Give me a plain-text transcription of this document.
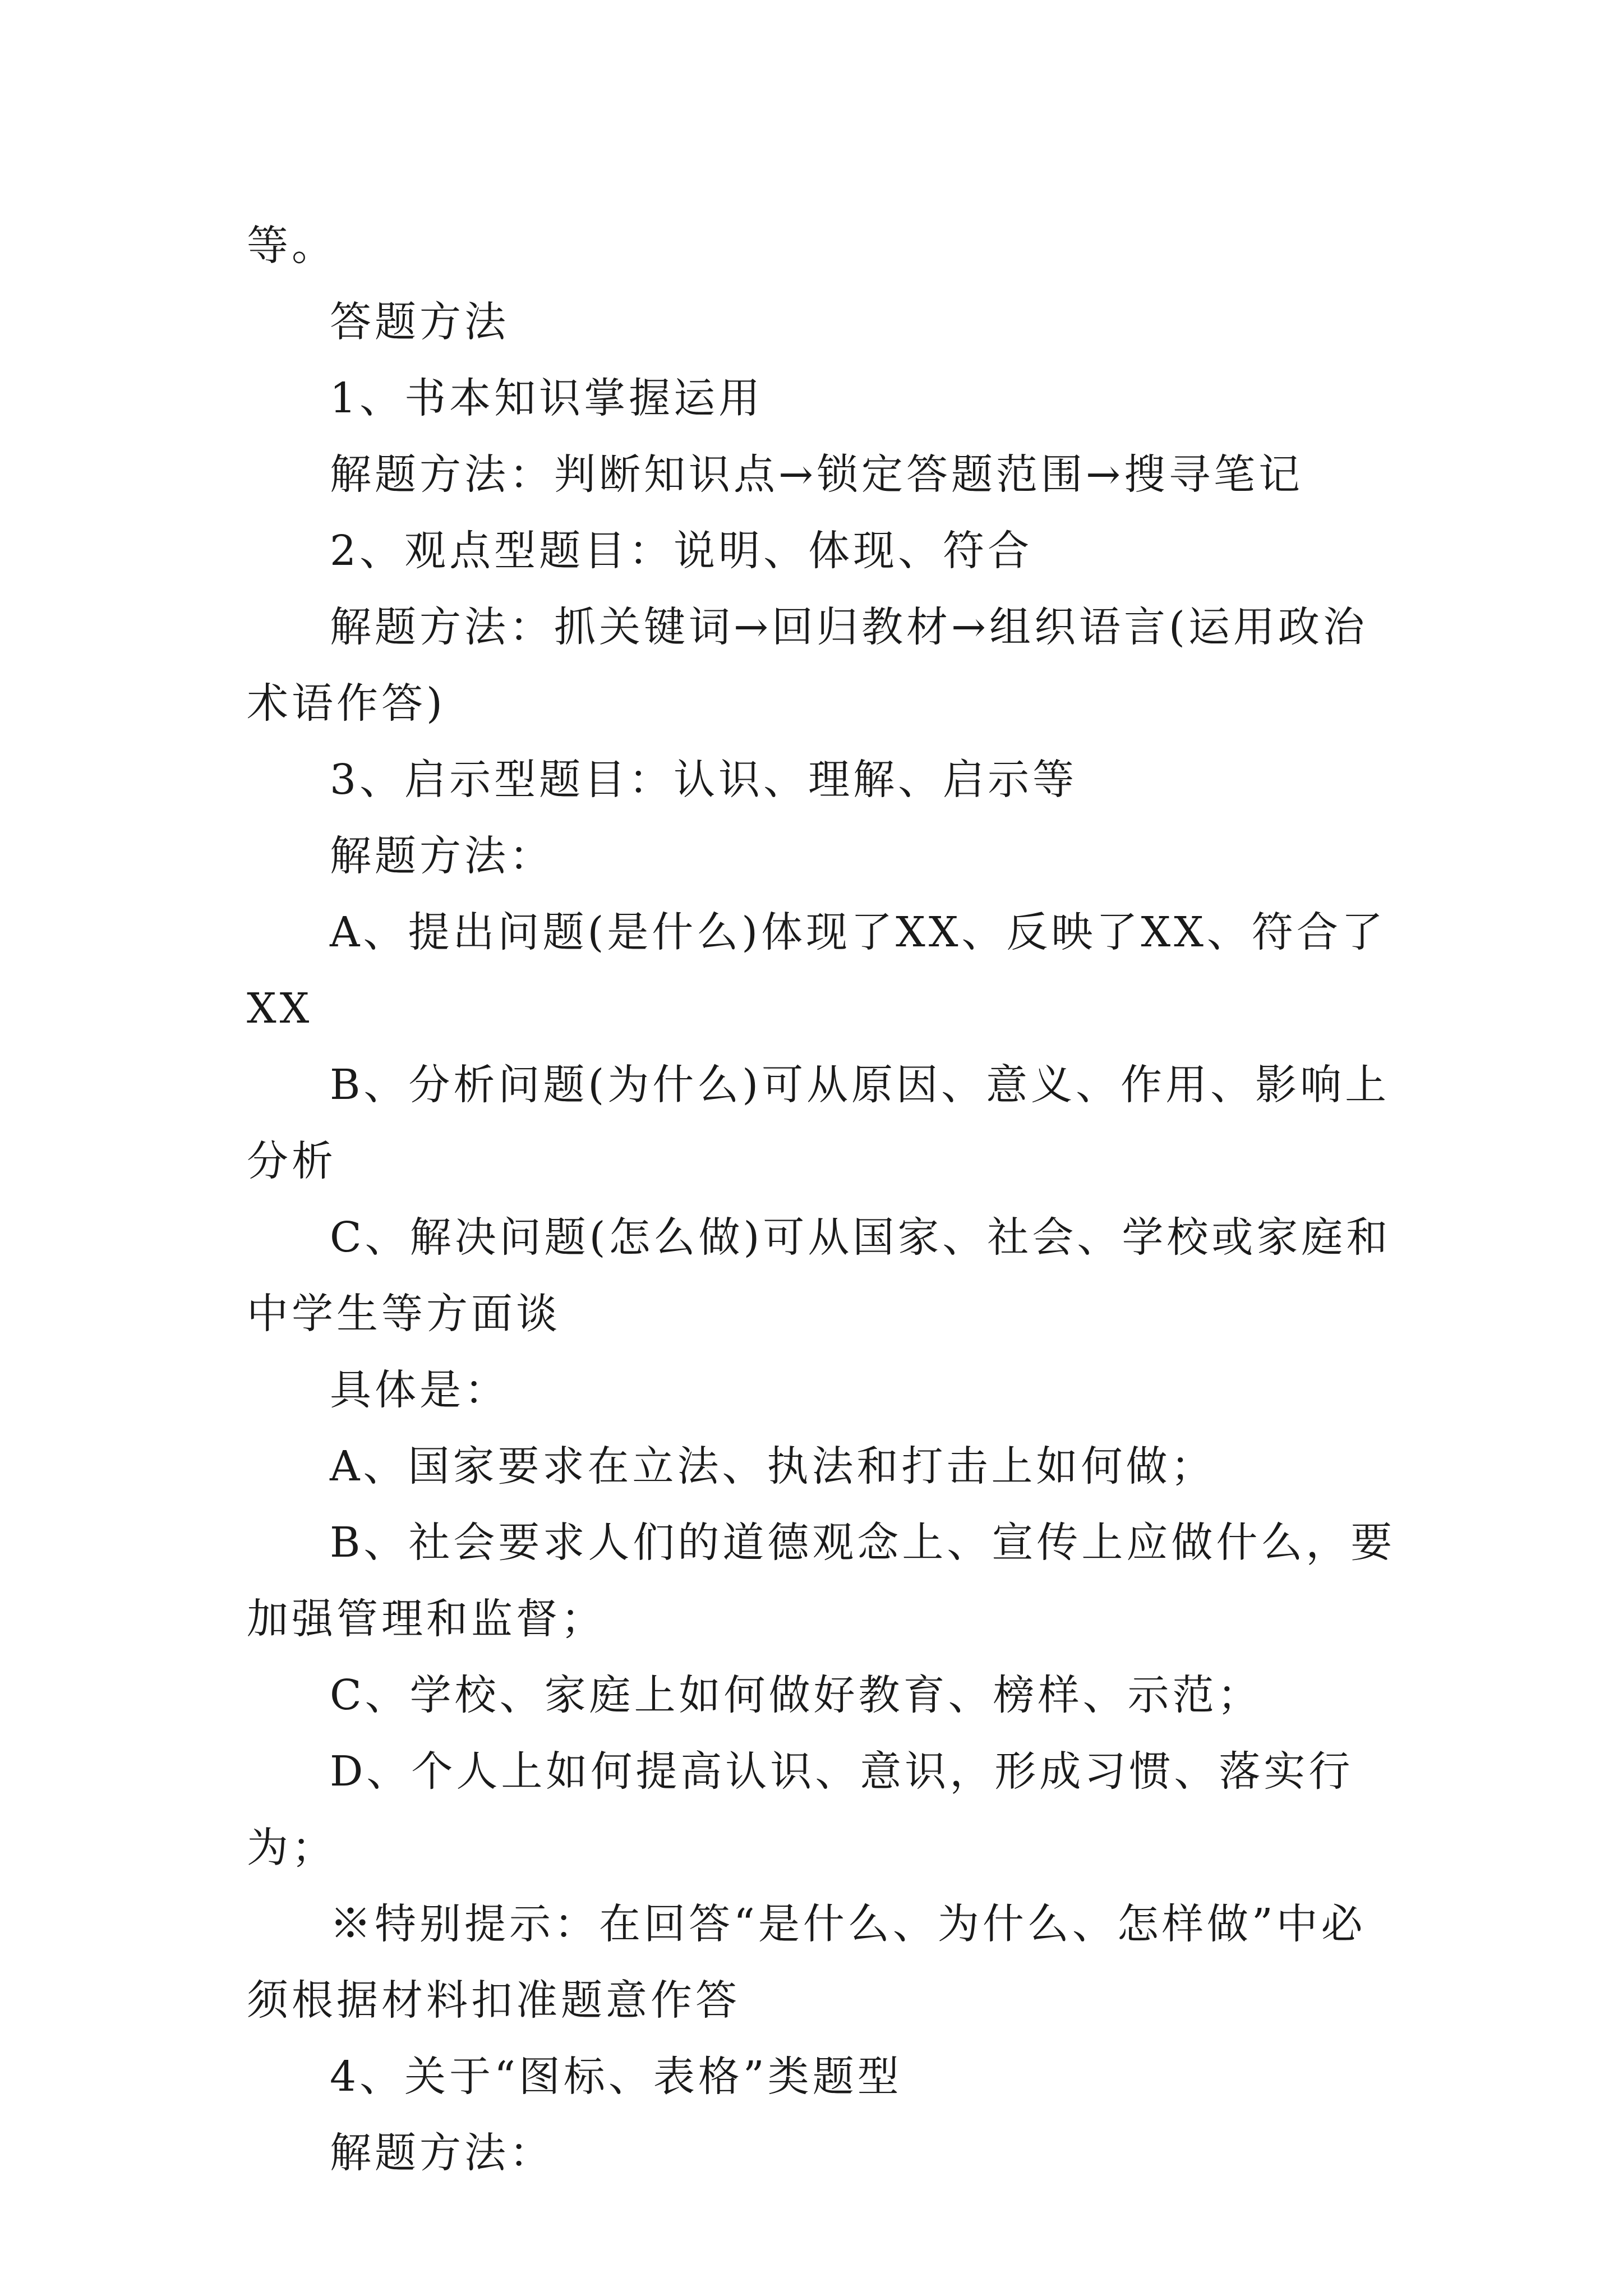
等。

答题方法

1、书本知识掌握运用

解题方法：判断知识点→锁定答题范围→搜寻笔记

2、观点型题目：说明、体现、符合

解题方法：抓关键词→回归教材→组织语言(运用政治术语作答)

3、启示型题目：认识、理解、启示等

解题方法：

A、提出问题(是什么)体现了XX、反映了XX、符合了XX

B、分析问题(为什么)可从原因、意义、作用、影响上分析

C、解决问题(怎么做)可从国家、社会、学校或家庭和中学生等方面谈

具体是：

A、国家要求在立法、执法和打击上如何做；

B、社会要求人们的道德观念上、宣传上应做什么，要加强管理和监督；

C、学校、家庭上如何做好教育、榜样、示范；

D、个人上如何提高认识、意识，形成习惯、落实行为；

※特别提示：在回答“是什么、为什么、怎样做”中必须根据材料扣准题意作答

4、关于“图标、表格”类题型

解题方法：
